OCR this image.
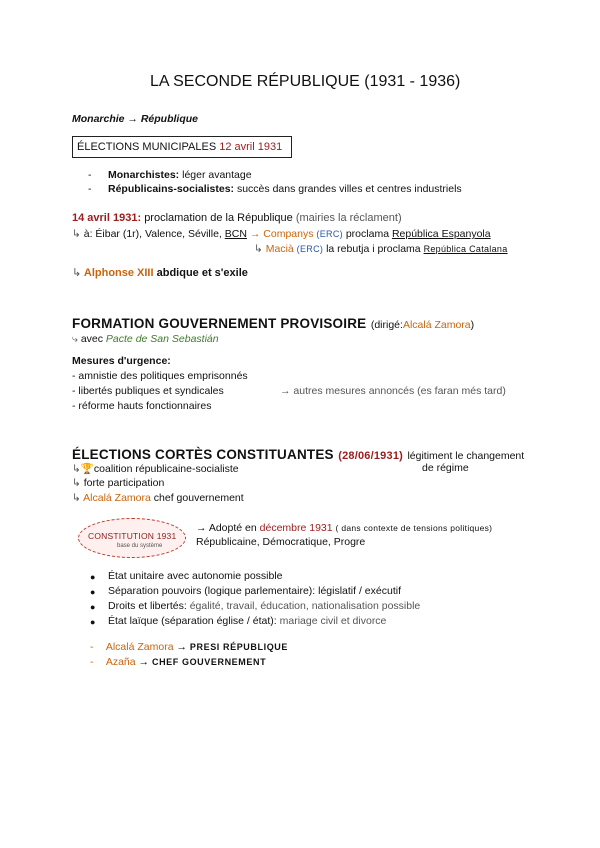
LA SECONDE RÉPUBLIQUE (1931 - 1936)
Monarchie → République
ÉLECTIONS MUNICIPALES 12 avril 1931
Monarchistes: léger avantage
Républicains-socialistes: succès dans grandes villes et centres industriels
14 avril 1931: proclamation de la République (mairies la réclament)
↳ à: Éibar (1r), Valence, Séville, BCN → Companys (ERC) proclama República Espanyola
↳ Macià (ERC) la rebutja i proclama República Catalana
↳ Alphonse XIII abdique et s'exile
FORMATION GOUVERNEMENT PROVISOIRE (dirigé:Alcalá Zamora)
⤷ avec Pacte de San Sebastián
Mesures d'urgence:
- amnistie des politiques emprisonnés
- libertés publiques et syndicales
- réforme hauts fonctionnaires
→ autres mesures annoncés (es faran més tard)
ÉLECTIONS CORTÈS CONSTITUANTES (28/06/1931) légitiment le changement
de régime
↳🏆coalition républicaine-socialiste
↳ forte participation
↳ Alcalá Zamora chef gouvernement
CONSTITUTION 1931
base du système
→ Adopté en décembre 1931 ( dans contexte de tensions politiques)
Républicaine, Démocratique, Progre
● État unitaire avec autonomie possible
● Séparation pouvoirs (logique parlementaire): législatif / exécutif
● Droits et libertés: égalité, travail, éducation, nationalisation possible
● État laïque (séparation église / état): mariage civil et divorce
- Alcalá Zamora → PRESI RÉPUBLIQUE
- Azaña → CHEF GOUVERNEMENT
